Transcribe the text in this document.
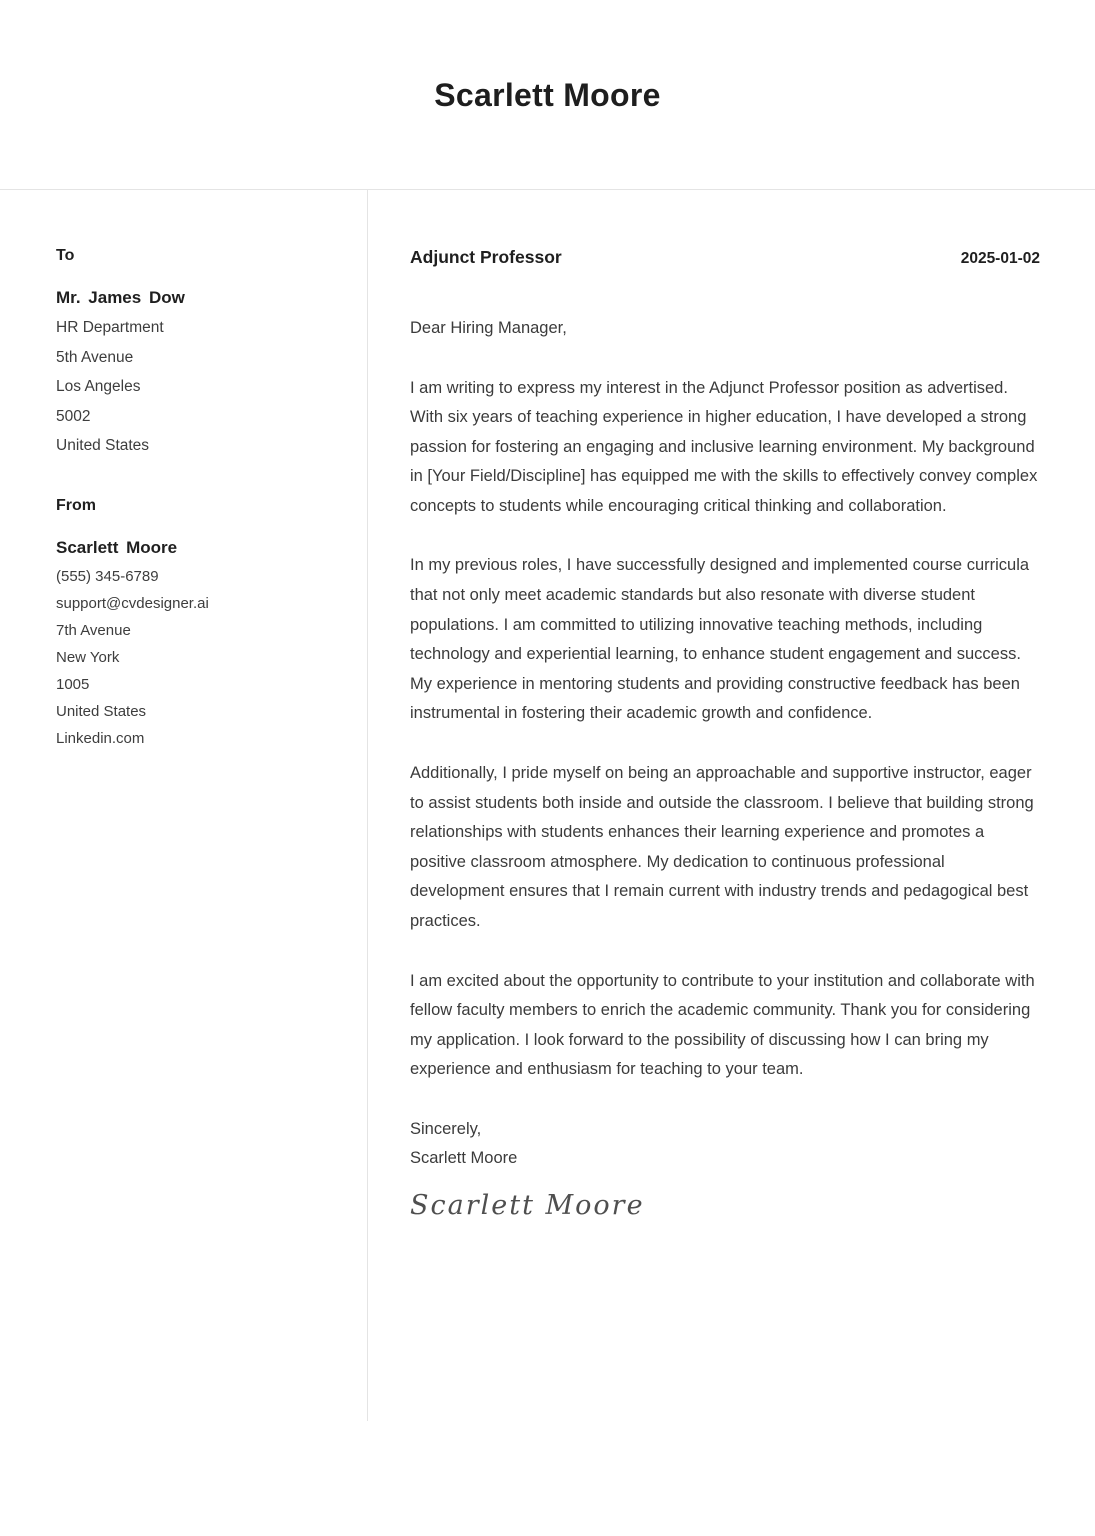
Scarlett Moore
To
Mr. James Dow
HR Department
5th Avenue
Los Angeles
5002
United States
From
Scarlett Moore
(555) 345-6789
support@cvdesigner.ai
7th Avenue
New York
1005
United States
Linkedin.com
Adjunct Professor	2025-01-02
Dear Hiring Manager,

I am writing to express my interest in the Adjunct Professor position as advertised. With six years of teaching experience in higher education, I have developed a strong passion for fostering an engaging and inclusive learning environment. My background in [Your Field/Discipline] has equipped me with the skills to effectively convey complex concepts to students while encouraging critical thinking and collaboration.

In my previous roles, I have successfully designed and implemented course curricula that not only meet academic standards but also resonate with diverse student populations. I am committed to utilizing innovative teaching methods, including technology and experiential learning, to enhance student engagement and success. My experience in mentoring students and providing constructive feedback has been instrumental in fostering their academic growth and confidence.

Additionally, I pride myself on being an approachable and supportive instructor, eager to assist students both inside and outside the classroom. I believe that building strong relationships with students enhances their learning experience and promotes a positive classroom atmosphere. My dedication to continuous professional development ensures that I remain current with industry trends and pedagogical best practices.

I am excited about the opportunity to contribute to your institution and collaborate with fellow faculty members to enrich the academic community. Thank you for considering my application. I look forward to the possibility of discussing how I can bring my experience and enthusiasm for teaching to your team.

Sincerely,
Scarlett Moore
Scarlett Moore
